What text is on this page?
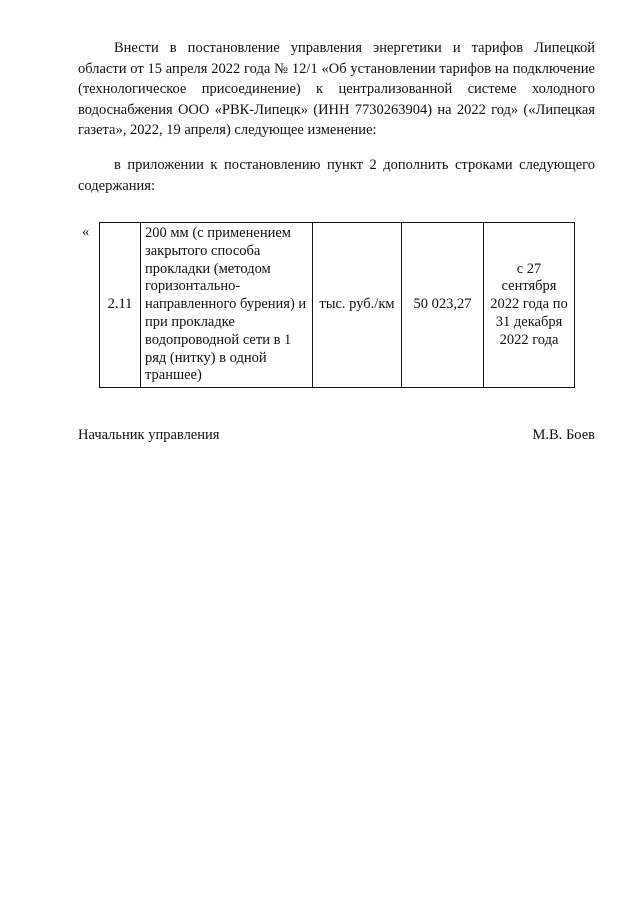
Внести в постановление управления энергетики и тарифов Липецкой области от 15 апреля 2022 года № 12/1 «Об установлении тарифов на подключение (технологическое присоединение) к централизованной системе холодного водоснабжения ООО «РВК-Липецк» (ИНН 7730263904) на 2022 год» («Липецкая газета», 2022, 19 апреля) следующее изменение:

в приложении к постановлению пункт 2 дополнить строками следующего содержания:

«
2.11	200 мм (с применением закрытого способа прокладки (методом горизонтально-направленного бурения) и при прокладке водопроводной сети в 1 ряд (нитку) в одной траншее)	тыс. руб./км	50 023,27	с 27 сентября 2022 года по 31 декабря 2022 года
Начальник управления	М.В. Боев
